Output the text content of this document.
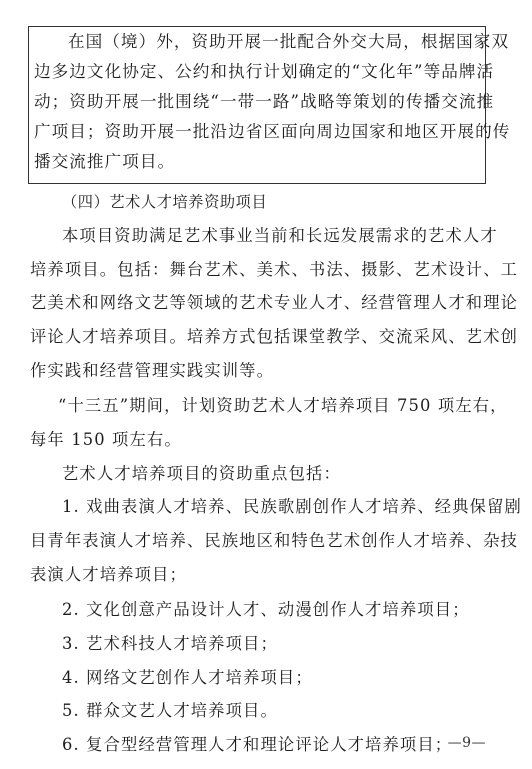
在国（境）外，资助开展一批配合外交大局，根据国家双
边多边文化协定、公约和执行计划确定的“文化年”等品牌活
动；资助开展一批围绕“一带一路”战略等策划的传播交流推
广项目；资助开展一批沿边省区面向周边国家和地区开展的传
播交流推广项目。
（四）艺术人才培养资助项目
本项目资助满足艺术事业当前和长远发展需求的艺术人才
培养项目。包括：舞台艺术、美术、书法、摄影、艺术设计、工
艺美术和网络文艺等领域的艺术专业人才、经营管理人才和理论
评论人才培养项目。培养方式包括课堂教学、交流采风、艺术创
作实践和经营管理实践实训等。
“十三五”期间，计划资助艺术人才培养项目 750 项左右，
每年 150 项左右。
艺术人才培养项目的资助重点包括：
1. 戏曲表演人才培养、民族歌剧创作人才培养、经典保留剧
目青年表演人才培养、民族地区和特色艺术创作人才培养、杂技
表演人才培养项目；
2. 文化创意产品设计人才、动漫创作人才培养项目；
3. 艺术科技人才培养项目；
4. 网络文艺创作人才培养项目；
5. 群众文艺人才培养项目。
6. 复合型经营管理人才和理论评论人才培养项目；
—9—
